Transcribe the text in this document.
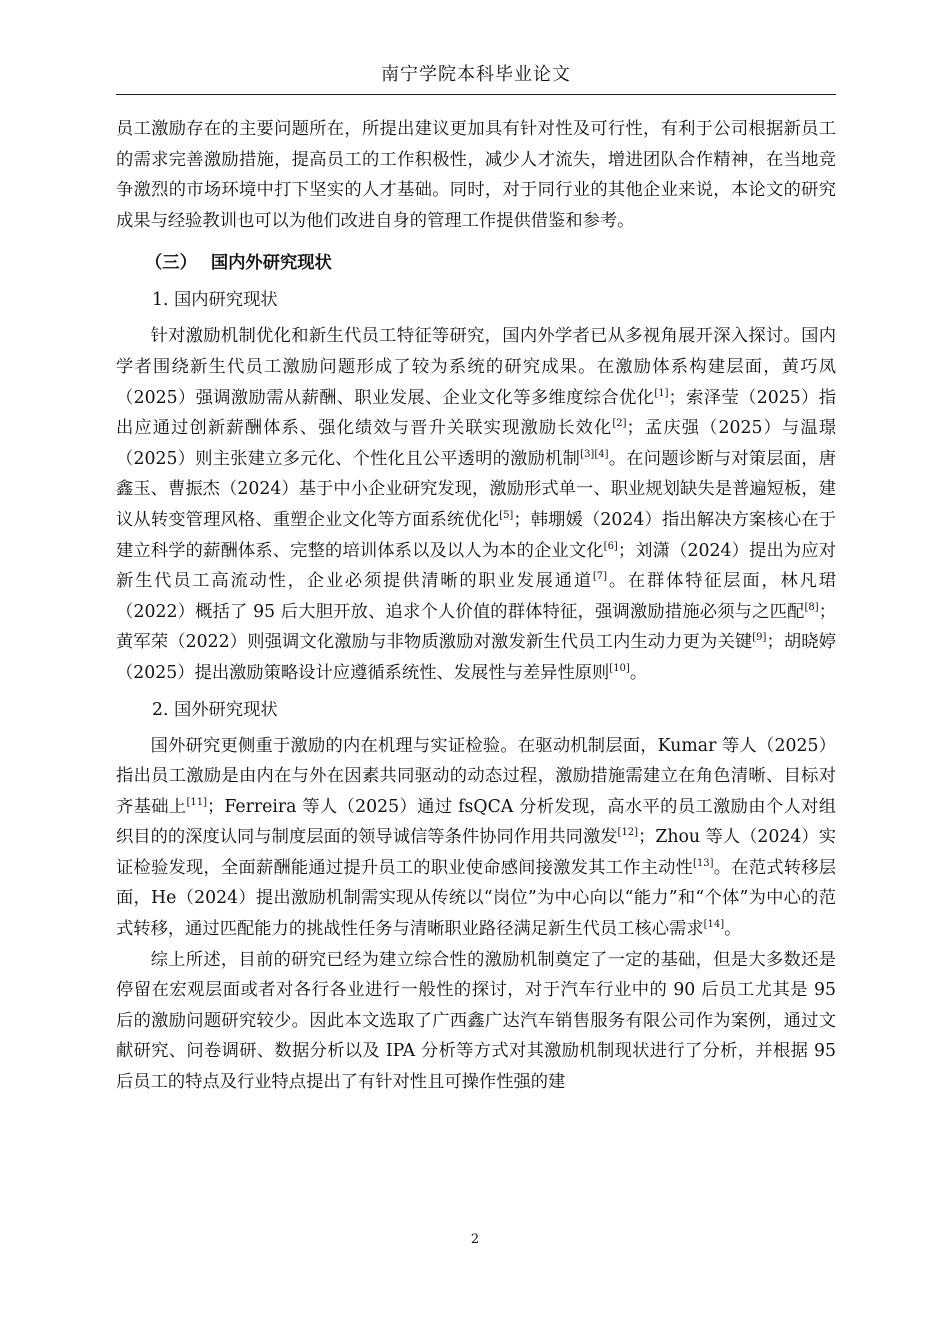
南宁学院本科毕业论文

员工激励存在的主要问题所在，所提出建议更加具有针对性及可行性，有利于公司根据新员工的需求完善激励措施，提高员工的工作积极性，减少人才流失，增进团队合作精神，在当地竞争激烈的市场环境中打下坚实的人才基础。同时，对于同行业的其他企业来说，本论文的研究成果与经验教训也可以为他们改进自身的管理工作提供借鉴和参考。

（三） 国内外研究现状
1. 国内研究现状

针对激励机制优化和新生代员工特征等研究，国内外学者已从多视角展开深入探讨。国内学者围绕新生代员工激励问题形成了较为系统的研究成果。在激励体系构建层面，黄巧凤（2025）强调激励需从薪酬、职业发展、企业文化等多维度综合优化[1]；索泽莹（2025）指出应通过创新薪酬体系、强化绩效与晋升关联实现激励长效化[2]；孟庆强（2025）与温璟（2025）则主张建立多元化、个性化且公平透明的激励机制[3][4]。在问题诊断与对策层面，唐鑫玉、曹振杰（2024）基于中小企业研究发现，激励形式单一、职业规划缺失是普遍短板，建议从转变管理风格、重塑企业文化等方面系统优化[5]；韩堋媛（2024）指出解决方案核心在于建立科学的薪酬体系、完整的培训体系以及以人为本的企业文化[6]；刘潇（2024）提出为应对新生代员工高流动性，企业必须提供清晰的职业发展通道[7]。在群体特征层面，林凡珺（2022）概括了 95 后大胆开放、追求个人价值的群体特征，强调激励措施必须与之匹配[8]；黄军荣（2022）则强调文化激励与非物质激励对激发新生代员工内生动力更为关键[9]；胡晓婷（2025）提出激励策略设计应遵循系统性、发展性与差异性原则[10]。

2. 国外研究现状

国外研究更侧重于激励的内在机理与实证检验。在驱动机制层面，Kumar 等人（2025）指出员工激励是由内在与外在因素共同驱动的动态过程，激励措施需建立在角色清晰、目标对齐基础上[11]；Ferreira 等人（2025）通过 fsQCA 分析发现，高水平的员工激励由个人对组织目的的深度认同与制度层面的领导诚信等条件协同作用共同激发[12]；Zhou 等人（2024）实证检验发现，全面薪酬能通过提升员工的职业使命感间接激发其工作主动性[13]。在范式转移层面，He（2024）提出激励机制需实现从传统以“岗位”为中心向以“能力”和“个体”为中心的范式转移，通过匹配能力的挑战性任务与清晰职业路径满足新生代员工核心需求[14]。

综上所述，目前的研究已经为建立综合性的激励机制奠定了一定的基础，但是大多数还是停留在宏观层面或者对各行各业进行一般性的探讨，对于汽车行业中的 90 后员工尤其是 95 后的激励问题研究较少。因此本文选取了广西鑫广达汽车销售服务有限公司作为案例，通过文献研究、问卷调研、数据分析以及 IPA 分析等方式对其激励机制现状进行了分析，并根据 95 后员工的特点及行业特点提出了有针对性且可操作性强的建

2
